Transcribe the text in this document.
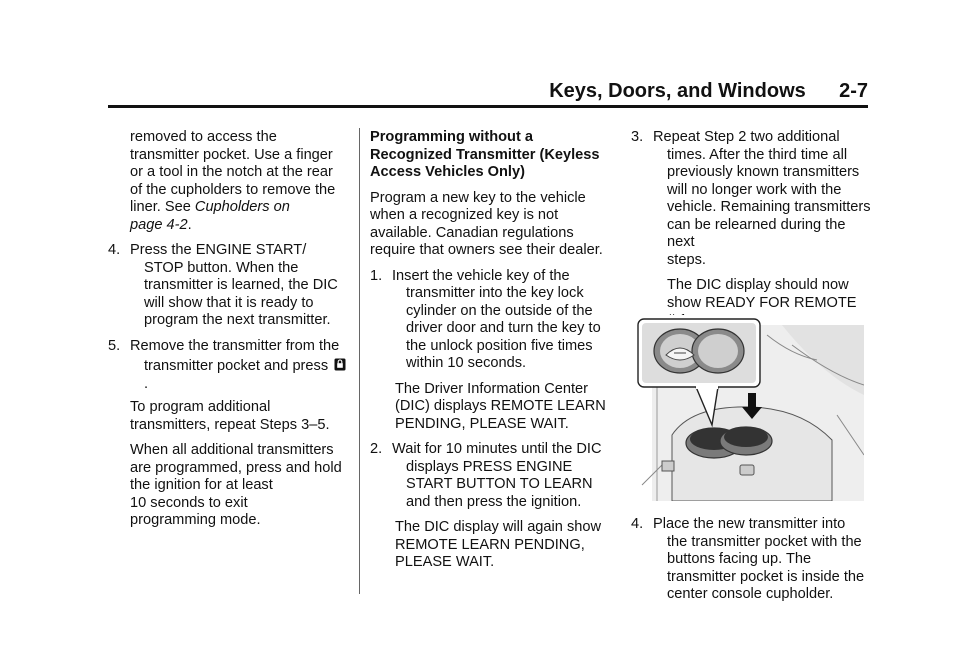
Keys, Doors, and Windows 2-7
removed to access the
transmitter pocket. Use a finger
or a tool in the notch at the rear
of the cupholders to remove the
liner. See Cupholders on
page 4-2.
4. Press the ENGINE START/
STOP button. When the
transmitter is learned, the DIC
will show that it is ready to
program the next transmitter.
5. Remove the transmitter from the
transmitter pocket and press .
To program additional
transmitters, repeat Steps 3–5.
When all additional transmitters
are programmed, press and hold
the ignition for at least
10 seconds to exit
programming mode.
Programming without a
Recognized Transmitter (Keyless
Access Vehicles Only)
Program a new key to the vehicle
when a recognized key is not
available. Canadian regulations
require that owners see their dealer.
1. Insert the vehicle key of the
transmitter into the key lock
cylinder on the outside of the
driver door and turn the key to
the unlock position five times
within 10 seconds.
The Driver Information Center
(DIC) displays REMOTE LEARN
PENDING, PLEASE WAIT.
2. Wait for 10 minutes until the DIC
displays PRESS ENGINE
START BUTTON TO LEARN
and then press the ignition.
The DIC display will again show
REMOTE LEARN PENDING,
PLEASE WAIT.
3. Repeat Step 2 two additional
times. After the third time all
previously known transmitters
will no longer work with the
vehicle. Remaining transmitters
can be relearned during the next
steps.
The DIC display should now
show READY FOR REMOTE
4. Place the new transmitter into
the transmitter pocket with the
buttons facing up. The
transmitter pocket is inside the
center console cupholder.
